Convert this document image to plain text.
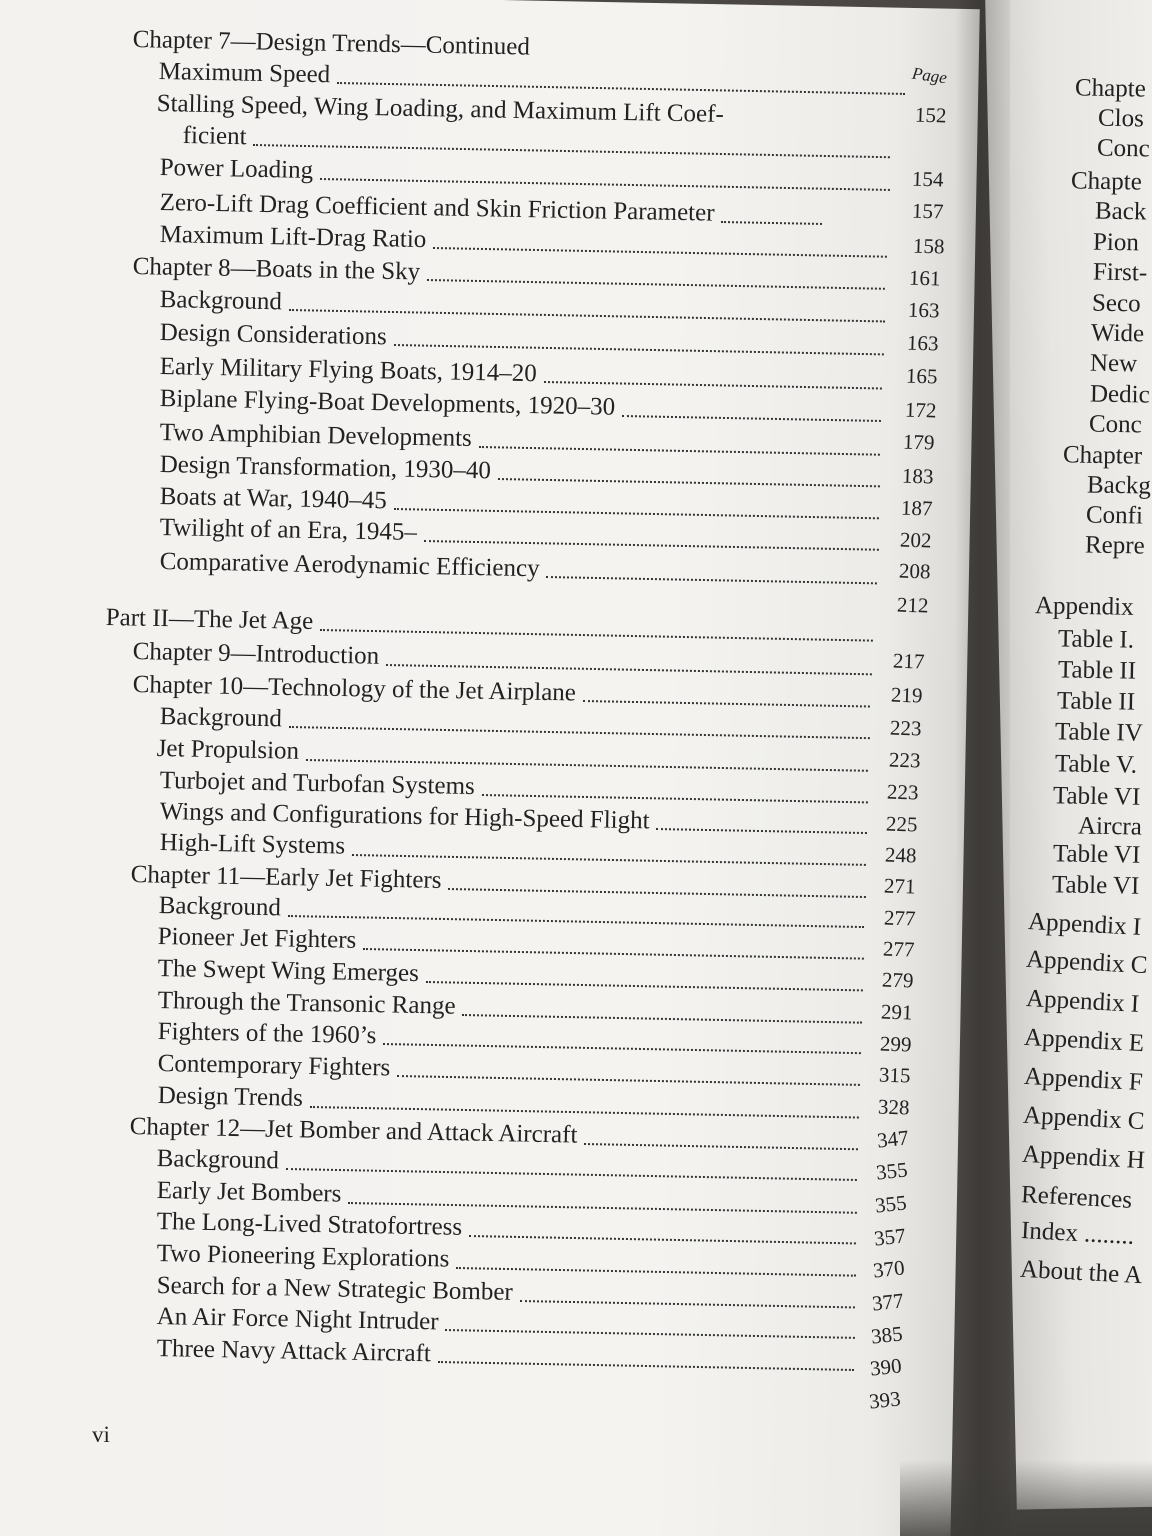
Chapter 7—Design Trends—Continued
Page
Maximum Speed
152
Stalling Speed, Wing Loading, and Maximum Lift Coef-
ficient
154
Power Loading
157
Zero-Lift Drag Coefficient and Skin Friction Parameter
158
Maximum Lift-Drag Ratio
161
Chapter 8—Boats in the Sky
163
Background
163
Design Considerations
165
Early Military Flying Boats, 1914–20
172
Biplane Flying-Boat Developments, 1920–30
179
Two Amphibian Developments
183
Design Transformation, 1930–40
187
Boats at War, 1940–45
202
Twilight of an Era, 1945–
208
Comparative Aerodynamic Efficiency
212
Part II—The Jet Age
217
Chapter 9—Introduction
219
Chapter 10—Technology of the Jet Airplane
223
Background
223
Jet Propulsion
223
Turbojet and Turbofan Systems
225
Wings and Configurations for High-Speed Flight
248
High-Lift Systems
271
Chapter 11—Early Jet Fighters
277
Background
277
Pioneer Jet Fighters
279
The Swept Wing Emerges
291
Through the Transonic Range
299
Fighters of the 1960’s
315
Contemporary Fighters
328
Design Trends
347
Chapter 12—Jet Bomber and Attack Aircraft
355
Background
355
Early Jet Bombers
357
The Long-Lived Stratofortress
370
Two Pioneering Explorations
377
Search for a New Strategic Bomber
385
An Air Force Night Intruder
390
Three Navy Attack Aircraft
393
vi
Chapte
Clos
Conc
Chapte
Back
Pion
First-
Seco
Wide
New
Dedic
Conc
Chapter
Backg
Confi
Repre
Appendix
Table I.
Table II
Table II
Table IV
Table V.
Table VI
Aircra
Table VI
Table VI
Appendix I
Appendix C
Appendix I
Appendix E
Appendix F
Appendix C
Appendix H
References
Index ........
About the A
